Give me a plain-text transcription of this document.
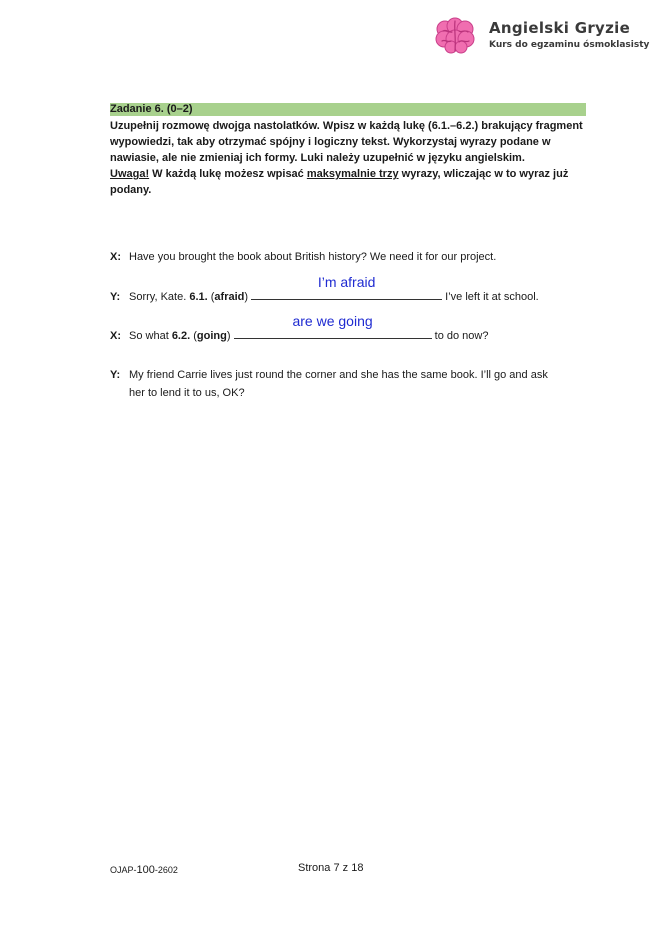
Angielski Gryzie
Kurs do egzaminu ósmoklasisty
Zadanie 6. (0–2)
Uzupełnij rozmowę dwojga nastolatków. Wpisz w każdą lukę (6.1.–6.2.) brakujący fragment wypowiedzi, tak aby otrzymać spójny i logiczny tekst. Wykorzystaj wyrazy podane w nawiasie, ale nie zmieniaj ich formy. Luki należy uzupełnić w języku angielskim.
Uwaga! W każdą lukę możesz wpisać maksymalnie trzy wyrazy, wliczając w to wyraz już podany.
X: Have you brought the book about British history? We need it for our project.
Y: Sorry, Kate. 6.1. (afraid)
I’m afraid
I’ve left it at school.
X: So what 6.2. (going)
are we going
to do now?
Y: My friend Carrie lives just round the corner and she has the same book. I’ll go and ask
her to lend it to us, OK?
OJAP-100-2602	Strona 7 z 18
